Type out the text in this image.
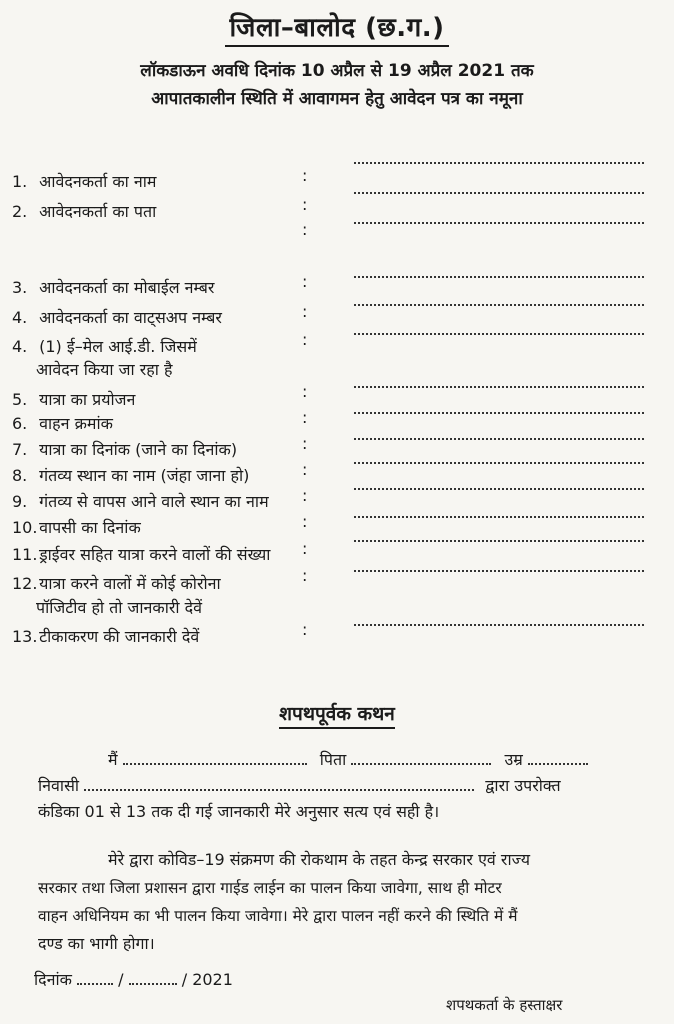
जिला–बालोद (छ.ग.)
लॉकडाऊन अवधि दिनांक 10 अप्रैल से 19 अप्रैल 2021 तक
आपातकालीन स्थिति में आवागमन हेतु आवेदन पत्र का नमूना
1. आवेदनकर्ता का नाम	:
2. आवेदनकर्ता का पता	:
:
3. आवेदनकर्ता का मोबाईल नम्बर	:
4. आवेदनकर्ता का वाट्सअप नम्बर	:
4. (1) ई–मेल आई.डी. जिसमें
आवेदन किया जा रहा है
:
5. यात्रा का प्रयोजन	:
6. वाहन क्रमांक	:
7. यात्रा का दिनांक (जाने का दिनांक)	:
8. गंतव्य स्थान का नाम (जंहा जाना हो)	:
9. गंतव्य से वापस आने वाले स्थान का नाम :
10. वापसी का दिनांक	:
11. ड्राईवर सहित यात्रा करने वालों की संख्या :
12. यात्रा करने वालों में कोई कोरोना
पॉजिटीव हो तो जानकारी देवें
:
13. टीकाकरण की जानकारी देवें	:
शपथपूर्वक कथन
मैं	पिता	उम्र
निवासी	द्वारा उपरोक्त
कंडिका 01 से 13 तक दी गई जानकारी मेरे अनुसार सत्य एवं सही है।
मेरे द्वारा कोविड–19 संक्रमण की रोकथाम के तहत केन्द्र सरकार एवं राज्य
सरकार तथा जिला प्रशासन द्वारा गाईड लाईन का पालन किया जावेगा, साथ ही मोटर
वाहन अधिनियम का भी पालन किया जावेगा। मेरे द्वारा पालन नहीं करने की स्थिति में मैं
दण्ड का भागी होगा।
दिनांक	/	/ 2021
शपथकर्ता के हस्ताक्षर
